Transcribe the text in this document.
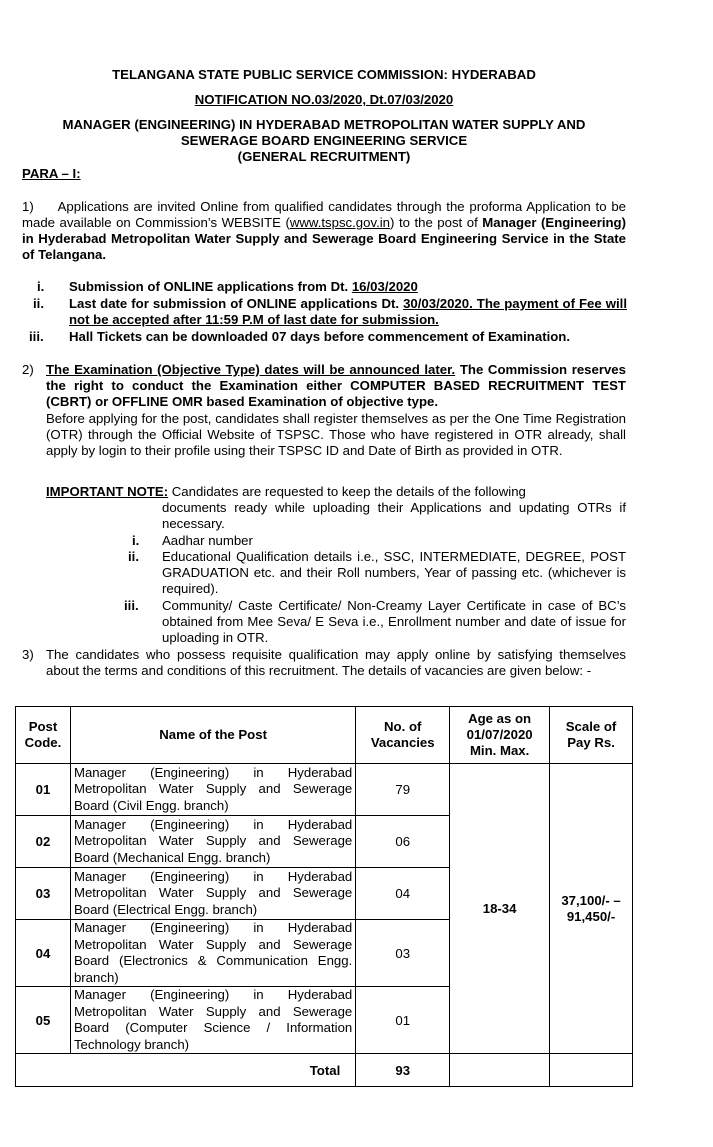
TELANGANA STATE PUBLIC SERVICE COMMISSION: HYDERABAD
NOTIFICATION NO.03/2020, Dt.07/03/2020
MANAGER (ENGINEERING) IN HYDERABAD METROPOLITAN WATER SUPPLY AND
SEWERAGE BOARD ENGINEERING SERVICE
(GENERAL RECRUITMENT)
PARA – I:
1) Applications are invited Online from qualified candidates through the proforma Application to be made available on Commission’s WEBSITE (www.tspsc.gov.in) to the post of Manager (Engineering) in Hyderabad Metropolitan Water Supply and Sewerage Board Engineering Service in the State of Telangana.
i. Submission of ONLINE applications from Dt. 16/03/2020
ii. Last date for submission of ONLINE applications Dt. 30/03/2020. The payment of Fee will not be accepted after 11:59 P.M of last date for submission.
iii. Hall Tickets can be downloaded 07 days before commencement of Examination.
2) The Examination (Objective Type) dates will be announced later. The Commission reserves the right to conduct the Examination either COMPUTER BASED RECRUITMENT TEST (CBRT) or OFFLINE OMR based Examination of objective type.
Before applying for the post, candidates shall register themselves as per the One Time Registration (OTR) through the Official Website of TSPSC. Those who have registered in OTR already, shall apply by login to their profile using their TSPSC ID and Date of Birth as provided in OTR.
IMPORTANT NOTE: Candidates are requested to keep the details of the following
documents ready while uploading their Applications and updating OTRs if necessary.
i. Aadhar number
ii. Educational Qualification details i.e., SSC, INTERMEDIATE, DEGREE, POST GRADUATION etc. and their Roll numbers, Year of passing etc. (whichever is required).
iii. Community/ Caste Certificate/ Non-Creamy Layer Certificate in case of BC’s obtained from Mee Seva/ E Seva i.e., Enrollment number and date of issue for uploading in OTR.
3) The candidates who possess requisite qualification may apply online by satisfying themselves about the terms and conditions of this recruitment. The details of vacancies are given below: -
Post Code.	Name of the Post	No. of Vacancies	Age as on 01/07/2020 Min. Max.	Scale of Pay Rs.
01	Manager (Engineering) in Hyderabad Metropolitan Water Supply and Sewerage Board (Civil Engg. branch)	79	18-34	37,100/- – 91,450/-
02	Manager (Engineering) in Hyderabad Metropolitan Water Supply and Sewerage Board (Mechanical Engg. branch)	06		
03	Manager (Engineering) in Hyderabad Metropolitan Water Supply and Sewerage Board (Electrical Engg. branch)	04		
04	Manager (Engineering) in Hyderabad Metropolitan Water Supply and Sewerage Board (Electronics & Communication Engg. branch)	03		
05	Manager (Engineering) in Hyderabad Metropolitan Water Supply and Sewerage Board (Computer Science / Information Technology branch)	01		
Total		93		
